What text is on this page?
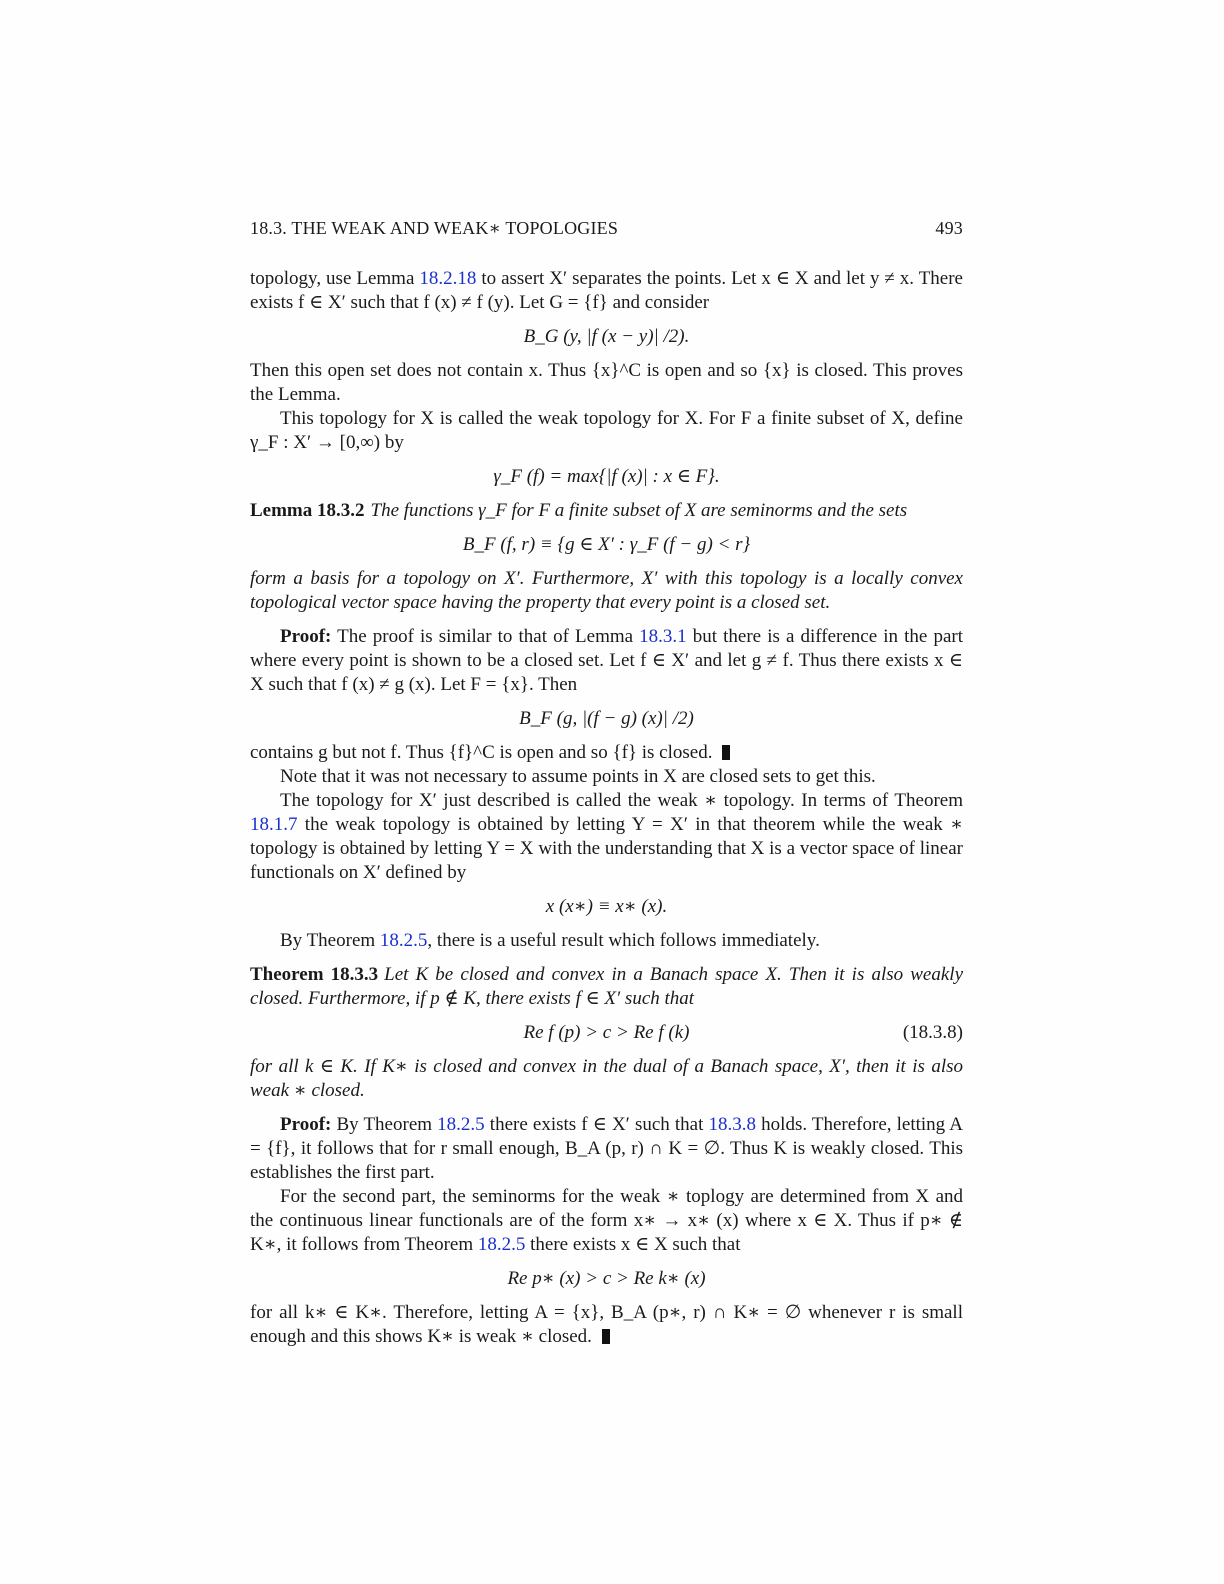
18.3. THE WEAK AND WEAK∗ TOPOLOGIES	493

topology, use Lemma 18.2.18 to assert X′ separates the points. Let x ∈ X and let y ≠ x. There exists f ∈ X′ such that f (x) ≠ f (y). Let G = {f} and consider

B_G (y, |f (x − y)| /2).

Then this open set does not contain x. Thus {x}^C is open and so {x} is closed. This proves the Lemma.

This topology for X is called the weak topology for X. For F a finite subset of X, define γ_F : X′ → [0,∞) by

γ_F (f) = max{|f (x)| : x ∈ F}.

Lemma 18.3.2 The functions γ_F for F a finite subset of X are seminorms and the sets

B_F (f, r) ≡ {g ∈ X′ : γ_F (f − g) < r}

form a basis for a topology on X′. Furthermore, X′ with this topology is a locally convex topological vector space having the property that every point is a closed set.

Proof: The proof is similar to that of Lemma 18.3.1 but there is a difference in the part where every point is shown to be a closed set. Let f ∈ X′ and let g ≠ f. Thus there exists x ∈ X such that f (x) ≠ g (x). Let F = {x}. Then

B_F (g, |(f − g) (x)| /2)

contains g but not f. Thus {f}^C is open and so {f} is closed.

Note that it was not necessary to assume points in X are closed sets to get this.

The topology for X′ just described is called the weak ∗ topology. In terms of Theorem 18.1.7 the weak topology is obtained by letting Y = X′ in that theorem while the weak ∗ topology is obtained by letting Y = X with the understanding that X is a vector space of linear functionals on X′ defined by

x (x∗) ≡ x∗ (x).

By Theorem 18.2.5, there is a useful result which follows immediately.

Theorem 18.3.3 Let K be closed and convex in a Banach space X. Then it is also weakly closed. Furthermore, if p ∉ K, there exists f ∈ X′ such that

Re f (p) > c > Re f (k)	(18.3.8)

for all k ∈ K. If K∗ is closed and convex in the dual of a Banach space, X′, then it is also weak ∗ closed.

Proof: By Theorem 18.2.5 there exists f ∈ X′ such that 18.3.8 holds. Therefore, letting A = {f}, it follows that for r small enough, B_A (p, r) ∩ K = ∅. Thus K is weakly closed. This establishes the first part.

For the second part, the seminorms for the weak ∗ toplogy are determined from X and the continuous linear functionals are of the form x∗ → x∗ (x) where x ∈ X. Thus if p∗ ∉ K∗, it follows from Theorem 18.2.5 there exists x ∈ X such that

Re p∗ (x) > c > Re k∗ (x)

for all k∗ ∈ K∗. Therefore, letting A = {x}, B_A (p∗, r) ∩ K∗ = ∅ whenever r is small enough and this shows K∗ is weak ∗ closed.
